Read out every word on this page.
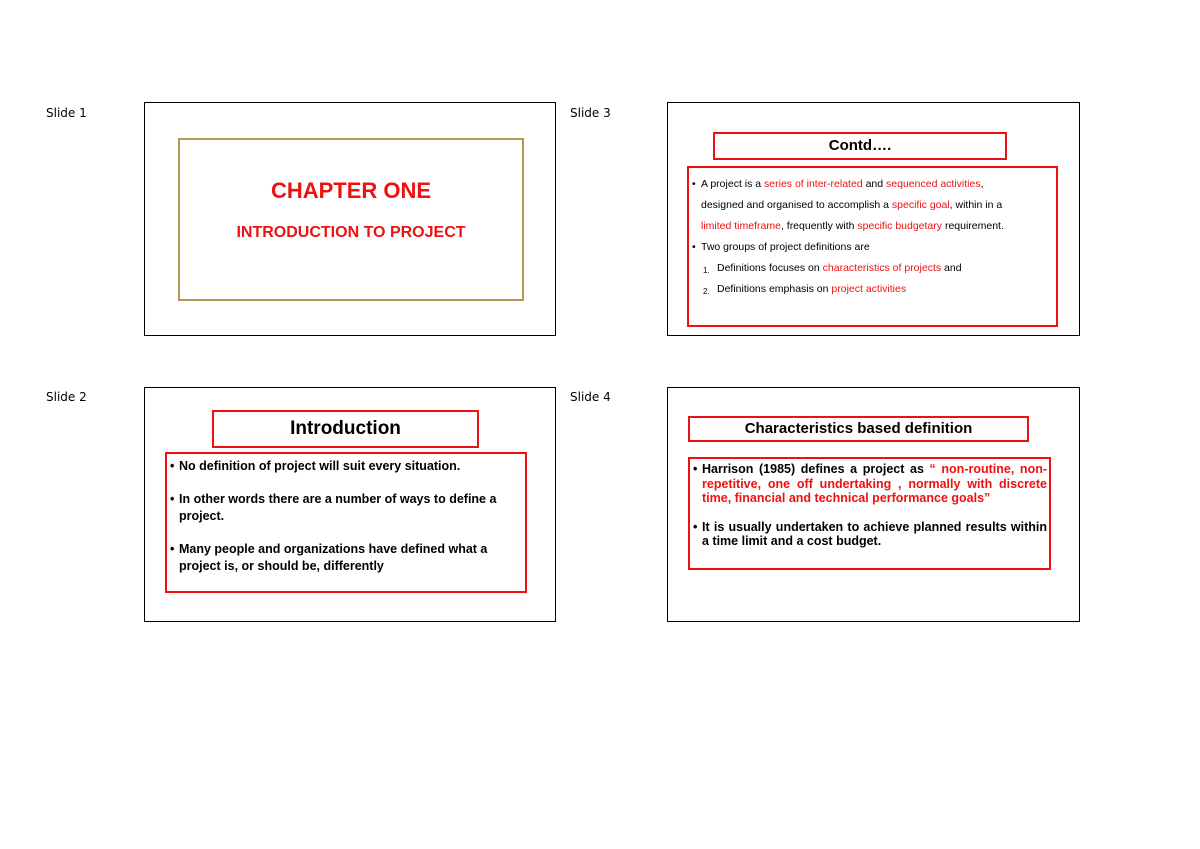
Slide 1
Slide 2
Slide 3
Slide 4
CHAPTER ONE
INTRODUCTION TO PROJECT
Contd….
• A project is a series of inter-related and sequenced activities,
designed and organised to accomplish a specific goal, within in a
limited timeframe, frequently with specific budgetary requirement.
• Two groups of project definitions are
1. Definitions focuses on characteristics of projects and
2. Definitions emphasis on project activities
Introduction
• No definition of project will suit every situation.
• In other words there are a number of ways to define a project.
• Many people and organizations have defined what a project is, or should be, differently
Characteristics based definition
• Harrison (1985) defines a project as “ non-routine, non-repetitive, one off undertaking , normally with discrete time, financial and technical performance goals”
• It is usually undertaken to achieve planned results within a time limit and a cost budget.
